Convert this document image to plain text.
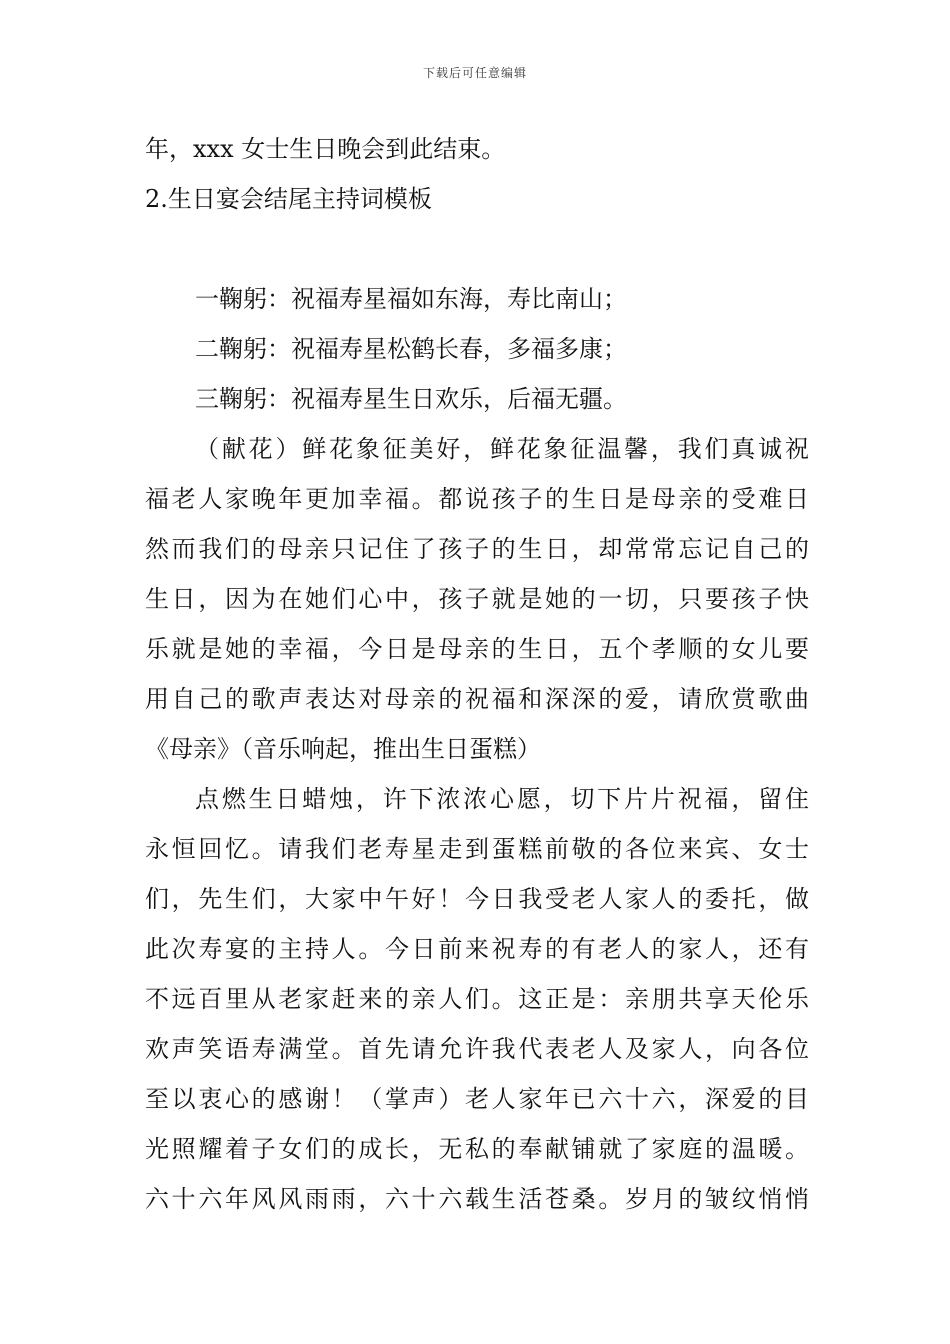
下载后可任意编辑
年，xxx 女士生日晚会到此结束。
2.生日宴会结尾主持词模板
一鞠躬：祝福寿星福如东海，寿比南山；
二鞠躬：祝福寿星松鹤长春，多福多康；
三鞠躬：祝福寿星生日欢乐，后福无疆。
（献花）鲜花象征美好，鲜花象征温馨，我们真诚祝
福老人家晚年更加幸福。都说孩子的生日是母亲的受难日
然而我们的母亲只记住了孩子的生日，却常常忘记自己的
生日，因为在她们心中，孩子就是她的一切，只要孩子快
乐就是她的幸福，今日是母亲的生日，五个孝顺的女儿要
用自己的歌声表达对母亲的祝福和深深的爱，请欣赏歌曲
《母亲》（音乐响起，推出生日蛋糕）
点燃生日蜡烛，许下浓浓心愿，切下片片祝福，留住
永恒回忆。请我们老寿星走到蛋糕前敬的各位来宾、女士
们，先生们，大家中午好！今日我受老人家人的委托，做
此次寿宴的主持人。今日前来祝寿的有老人的家人，还有
不远百里从老家赶来的亲人们。这正是：亲朋共享天伦乐
欢声笑语寿满堂。首先请允许我代表老人及家人，向各位
至以衷心的感谢！（掌声）老人家年已六十六，深爱的目
光照耀着子女们的成长，无私的奉献铺就了家庭的温暖。
六十六年风风雨雨，六十六载生活苍桑。岁月的皱纹悄悄
